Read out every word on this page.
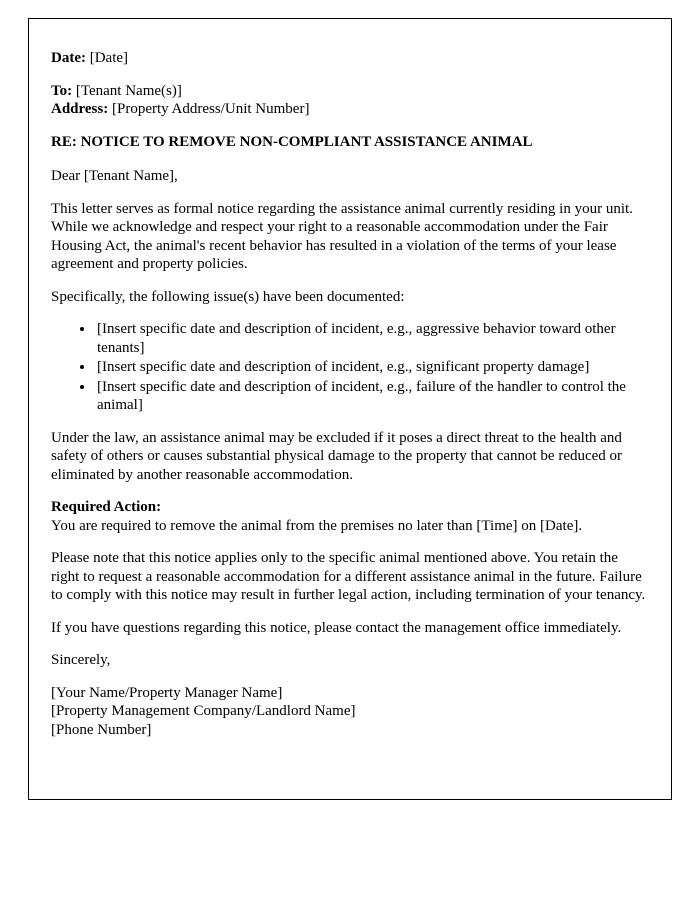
Date: [Date]

To: [Tenant Name(s)]
Address: [Property Address/Unit Number]

RE: NOTICE TO REMOVE NON-COMPLIANT ASSISTANCE ANIMAL

Dear [Tenant Name],

This letter serves as formal notice regarding the assistance animal currently residing in your unit. While we acknowledge and respect your right to a reasonable accommodation under the Fair Housing Act, the animal's recent behavior has resulted in a violation of the terms of your lease agreement and property policies.

Specifically, the following issue(s) have been documented:

• [Insert specific date and description of incident, e.g., aggressive behavior toward other tenants]
• [Insert specific date and description of incident, e.g., significant property damage]
• [Insert specific date and description of incident, e.g., failure of the handler to control the animal]

Under the law, an assistance animal may be excluded if it poses a direct threat to the health and safety of others or causes substantial physical damage to the property that cannot be reduced or eliminated by another reasonable accommodation.

Required Action:
You are required to remove the animal from the premises no later than [Time] on [Date].

Please note that this notice applies only to the specific animal mentioned above. You retain the right to request a reasonable accommodation for a different assistance animal in the future. Failure to comply with this notice may result in further legal action, including termination of your tenancy.

If you have questions regarding this notice, please contact the management office immediately.

Sincerely,

[Your Name/Property Manager Name]
[Property Management Company/Landlord Name]
[Phone Number]
